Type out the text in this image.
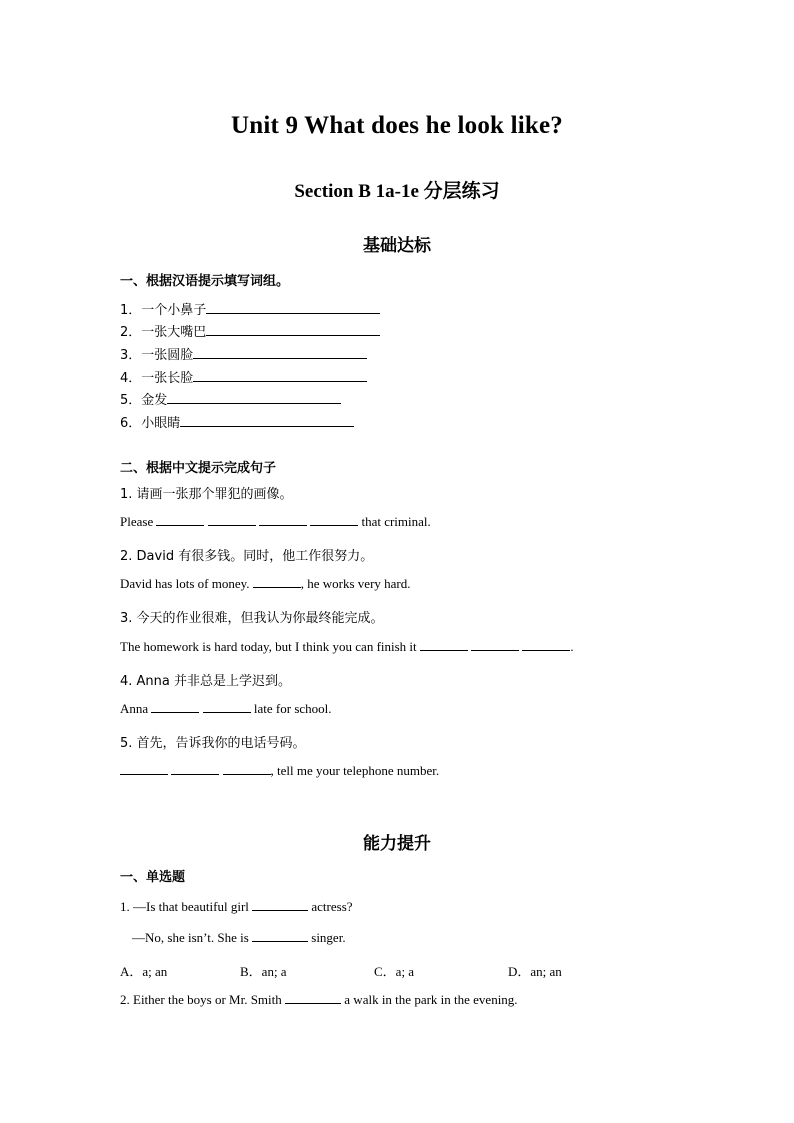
Unit 9 What does he look like?
Section B 1a-1e 分层练习
基础达标
一、根据汉语提示填写词组。
1．一个小鼻子
2．一张大嘴巴
3．一张圆脸
4．一张长脸
5．金发
6．小眼睛
二、根据中文提示完成句子
1. 请画一张那个罪犯的画像。
Please	that criminal.
2. David 有很多钱。同时，他工作很努力。
David has lots of money.	, he works very hard.
3. 今天的作业很难，但我认为你最终能完成。
The homework is hard today, but I think you can finish it	.
4. Anna 并非总是上学迟到。
Anna	late for school.
5. 首先，告诉我你的电话号码。
, tell me your telephone number.
能力提升
一、单选题
1. —Is that beautiful girl	actress?
—No, she isn’t. She is	singer.
A．a; an	B．an; a	C．a; a	D．an; an
2. Either the boys or Mr. Smith	a walk in the park in the evening.
